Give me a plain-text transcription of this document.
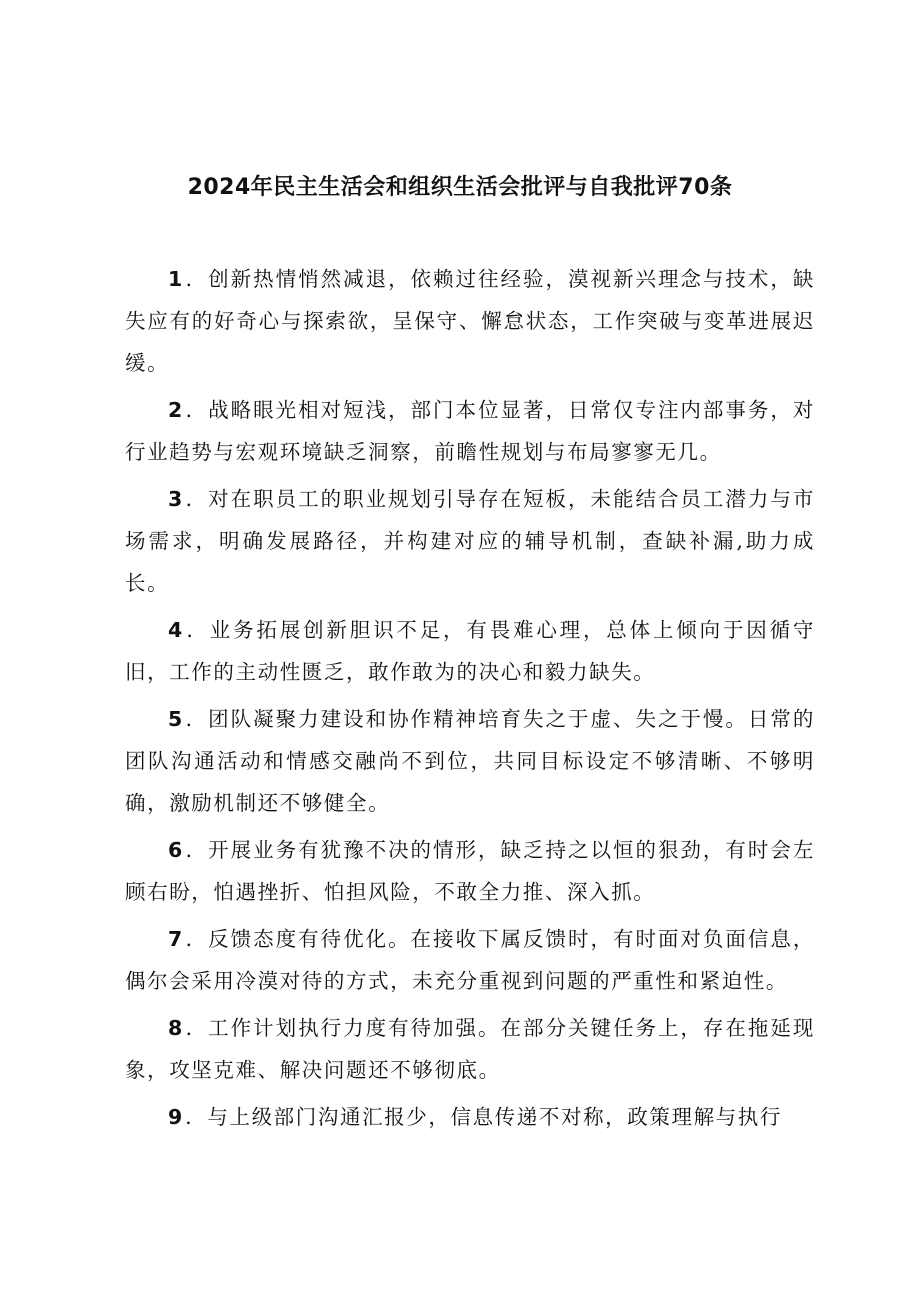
2024年民主生活会和组织生活会批评与自我批评70条

1 ．创新热情悄然减退，依赖过往经验，漠视新兴理念与技术，缺失应有的好奇心与探索欲，呈保守、懈怠状态，工作突破与变革进展迟缓。

2 ．战略眼光相对短浅，部门本位显著，日常仅专注内部事务，对行业趋势与宏观环境缺乏洞察，前瞻性规划与布局寥寥无几。

3 ．对在职员工的职业规划引导存在短板，未能结合员工潜力与市场需求，明确发展路径，并构建对应的辅导机制，查缺补漏,助力成长。

4 ．业务拓展创新胆识不足，有畏难心理，总体上倾向于因循守旧，工作的主动性匮乏，敢作敢为的决心和毅力缺失。

5 ．团队凝聚力建设和协作精神培育失之于虚、失之于慢。日常的团队沟通活动和情感交融尚不到位，共同目标设定不够清晰、不够明确，激励机制还不够健全。

6 ．开展业务有犹豫不决的情形，缺乏持之以恒的狠劲，有时会左顾右盼，怕遇挫折、怕担风险，不敢全力推、深入抓。

7 ．反馈态度有待优化。在接收下属反馈时，有时面对负面信息，偶尔会采用冷漠对待的方式，未充分重视到问题的严重性和紧迫性。

8 ．工作计划执行力度有待加强。在部分关键任务上，存在拖延现象，攻坚克难、解决问题还不够彻底。

9 ．与上级部门沟通汇报少，信息传递不对称，政策理解与执行
